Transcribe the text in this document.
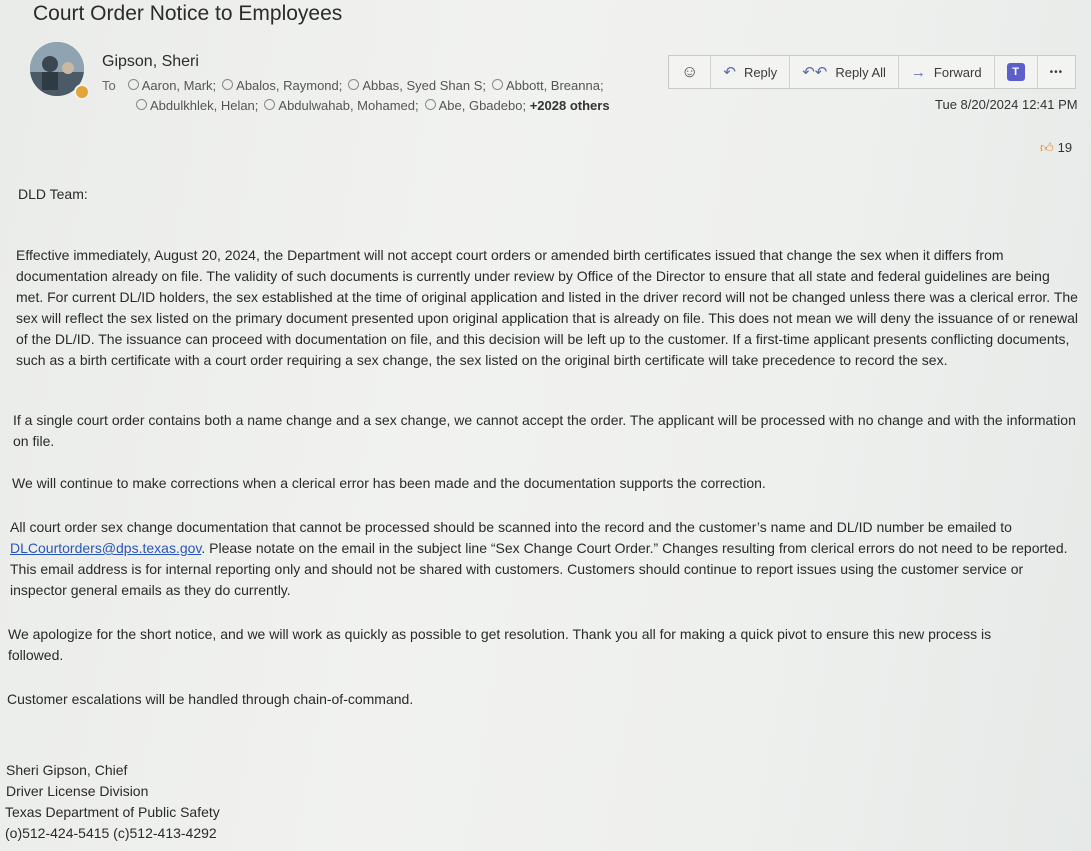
Court Order Notice to Employees
Gipson, Sheri
To Aaron, Mark; Abalos, Raymond; Abbas, Syed Shan S; Abbott, Breanna;
Abdulkhlek, Helan; Abdulwahab, Mohamed; Abe, Gbadebo; +2028 others
☺ ↶ Reply ↶↶ Reply All → Forward	T	•••
Tue 8/20/2024 12:41 PM
👍︎ 19
DLD Team:
Effective immediately, August 20, 2024, the Department will not accept court orders or amended birth certificates issued that change the sex when it differs from documentation already on file. The validity of such documents is currently under review by Office of the Director to ensure that all state and federal guidelines are being met. For current DL/ID holders, the sex established at the time of original application and listed in the driver record will not be changed unless there was a clerical error. The sex will reflect the sex listed on the primary document presented upon original application that is already on file. This does not mean we will deny the issuance of or renewal of the DL/ID. The issuance can proceed with documentation on file, and this decision will be left up to the customer. If a first-time applicant presents conflicting documents, such as a birth certificate with a court order requiring a sex change, the sex listed on the original birth certificate will take precedence to record the sex.
If a single court order contains both a name change and a sex change, we cannot accept the order. The applicant will be processed with no change and with the information on file.
We will continue to make corrections when a clerical error has been made and the documentation supports the correction.
All court order sex change documentation that cannot be processed should be scanned into the record and the customer’s name and DL/ID number be emailed to DLCourtorders@dps.texas.gov. Please notate on the email in the subject line “Sex Change Court Order.” Changes resulting from clerical errors do not need to be reported. This email address is for internal reporting only and should not be shared with customers. Customers should continue to report issues using the customer service or inspector general emails as they do currently.
We apologize for the short notice, and we will work as quickly as possible to get resolution. Thank you all for making a quick pivot to ensure this new process is followed.
Customer escalations will be handled through chain-of-command.
Sheri Gipson, Chief
Driver License Division
Texas Department of Public Safety
(o)512-424-5415 (c)512-413-4292
